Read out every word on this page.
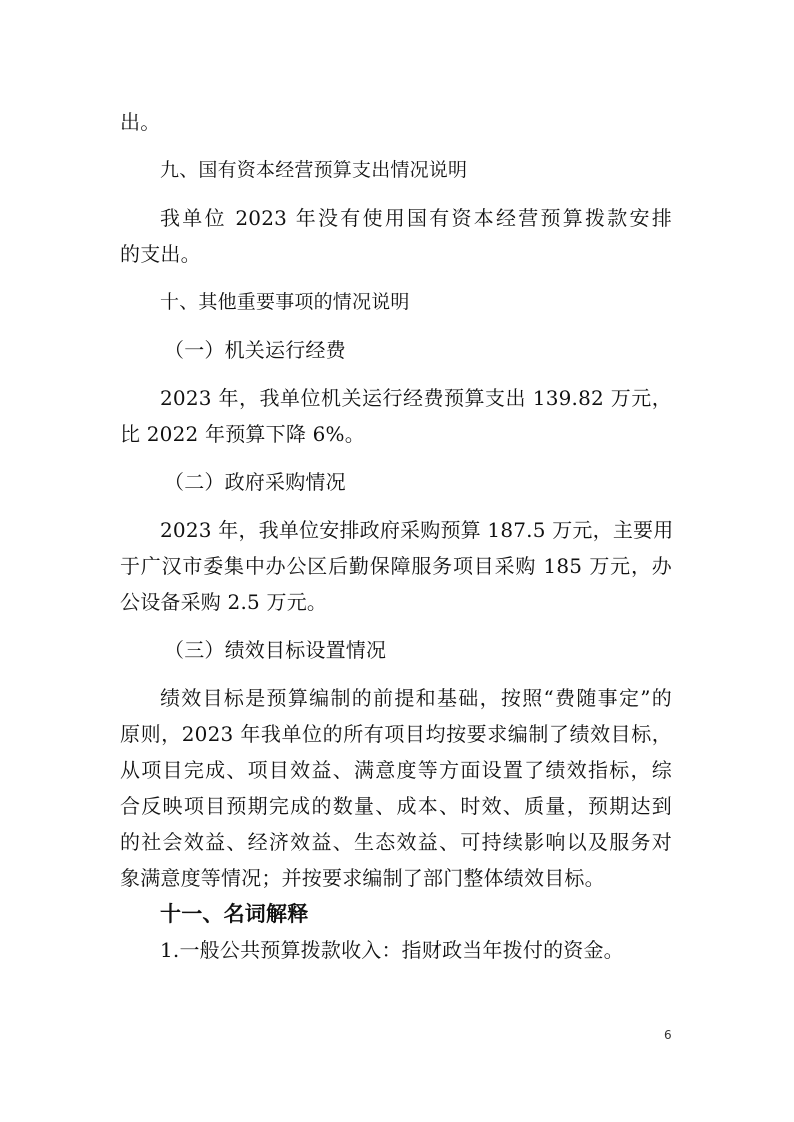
出。
九、国有资本经营预算支出情况说明
我单位 2023 年没有使用国有资本经营预算拨款安排
的支出。
十、其他重要事项的情况说明
（一）机关运行经费
2023 年，我单位机关运行经费预算支出 139.82 万元，
比 2022 年预算下降 6%。
（二）政府采购情况
2023 年，我单位安排政府采购预算 187.5 万元，主要用
于广汉市委集中办公区后勤保障服务项目采购 185 万元，办
公设备采购 2.5 万元。
（三）绩效目标设置情况
绩效目标是预算编制的前提和基础，按照“费随事定”的
原则，2023 年我单位的所有项目均按要求编制了绩效目标，
从项目完成、项目效益、满意度等方面设置了绩效指标，综
合反映项目预期完成的数量、成本、时效、质量，预期达到
的社会效益、经济效益、生态效益、可持续影响以及服务对
象满意度等情况；并按要求编制了部门整体绩效目标。
十一、名词解释
1.一般公共预算拨款收入：指财政当年拨付的资金。
6
